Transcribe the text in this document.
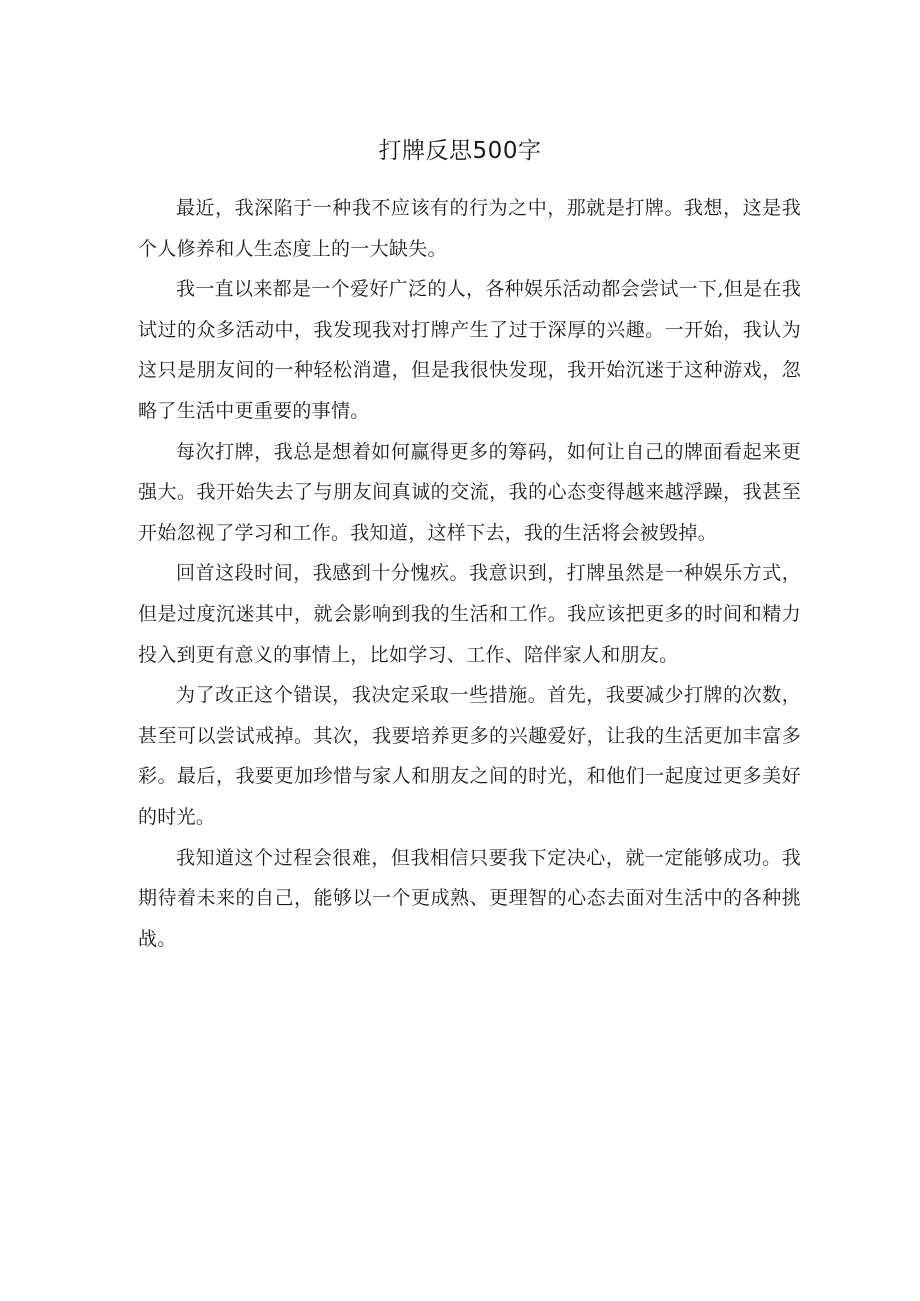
打牌反思500字

最近，我深陷于一种我不应该有的行为之中，那就是打牌。我想，这是我个人修养和人生态度上的一大缺失。

我一直以来都是一个爱好广泛的人，各种娱乐活动都会尝试一下,但是在我试过的众多活动中，我发现我对打牌产生了过于深厚的兴趣。一开始，我认为这只是朋友间的一种轻松消遣，但是我很快发现，我开始沉迷于这种游戏，忽略了生活中更重要的事情。

每次打牌，我总是想着如何赢得更多的筹码，如何让自己的牌面看起来更强大。我开始失去了与朋友间真诚的交流，我的心态变得越来越浮躁，我甚至开始忽视了学习和工作。我知道，这样下去，我的生活将会被毁掉。

回首这段时间，我感到十分愧疚。我意识到，打牌虽然是一种娱乐方式，但是过度沉迷其中，就会影响到我的生活和工作。我应该把更多的时间和精力投入到更有意义的事情上，比如学习、工作、陪伴家人和朋友。

为了改正这个错误，我决定采取一些措施。首先，我要减少打牌的次数，甚至可以尝试戒掉。其次，我要培养更多的兴趣爱好，让我的生活更加丰富多彩。最后，我要更加珍惜与家人和朋友之间的时光，和他们一起度过更多美好的时光。

我知道这个过程会很难，但我相信只要我下定决心，就一定能够成功。我期待着未来的自己，能够以一个更成熟、更理智的心态去面对生活中的各种挑战。
